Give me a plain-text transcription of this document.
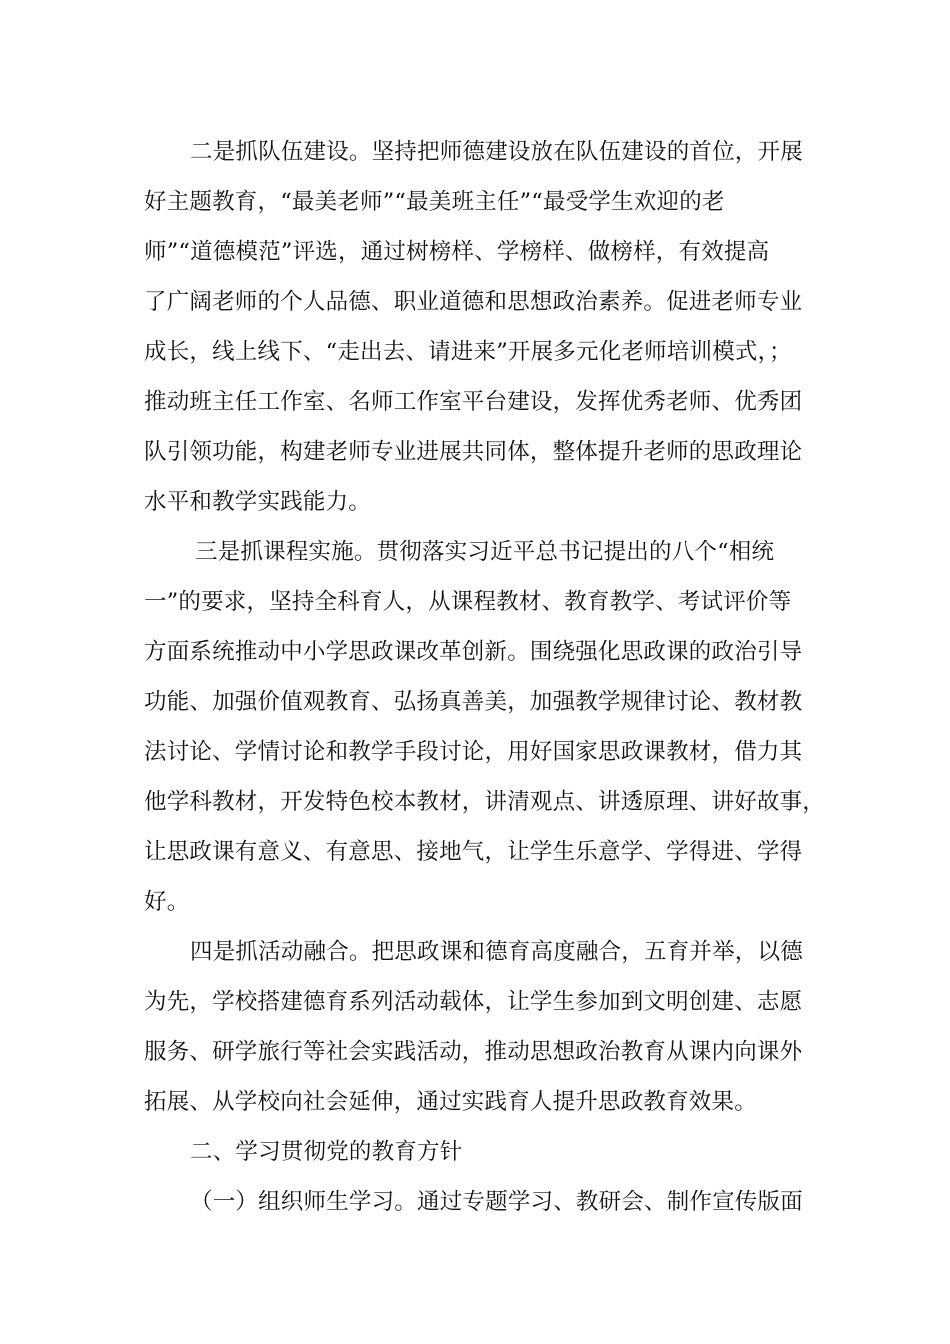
二是抓队伍建设。坚持把师德建设放在队伍建设的首位，开展
好主题教育，“最美老师”“最美班主任”“最受学生欢迎的老
师”“道德模范”评选，通过树榜样、学榜样、做榜样，有效提高
了广阔老师的个人品德、职业道德和思想政治素养。促进老师专业
成长，线上线下、“走出去、请进来”开展多元化老师培训模式，；
推动班主任工作室、名师工作室平台建设，发挥优秀老师、优秀团
队引领功能，构建老师专业进展共同体，整体提升老师的思政理论
水平和教学实践能力。
三是抓课程实施。贯彻落实习近平总书记提出的八个“相统
一”的要求，坚持全科育人，从课程教材、教育教学、考试评价等
方面系统推动中小学思政课改革创新。围绕强化思政课的政治引导
功能、加强价值观教育、弘扬真善美，加强教学规律讨论、教材教
法讨论、学情讨论和教学手段讨论，用好国家思政课教材，借力其
他学科教材，开发特色校本教材，讲清观点、讲透原理、讲好故事，
让思政课有意义、有意思、接地气，让学生乐意学、学得进、学得
好。
四是抓活动融合。把思政课和德育高度融合，五育并举，以德
为先，学校搭建德育系列活动载体，让学生参加到文明创建、志愿
服务、研学旅行等社会实践活动，推动思想政治教育从课内向课外
拓展、从学校向社会延伸，通过实践育人提升思政教育效果。
二、学习贯彻党的教育方针
（一）组织师生学习。通过专题学习、教研会、制作宣传版面
